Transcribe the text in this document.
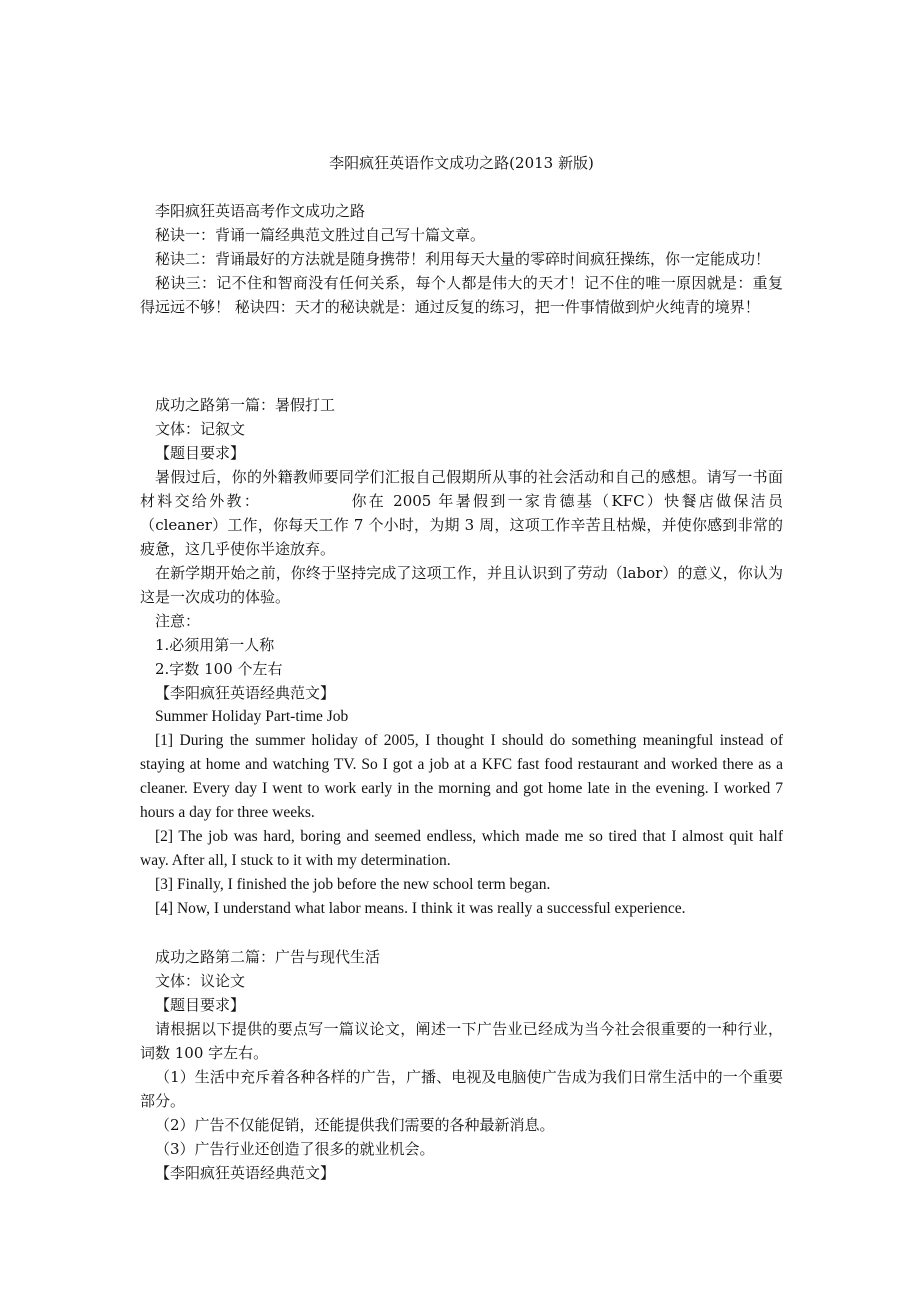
李阳疯狂英语作文成功之路(2013 新版)

李阳疯狂英语高考作文成功之路

秘诀一：背诵一篇经典范文胜过自己写十篇文章。

秘诀二：背诵最好的方法就是随身携带！利用每天大量的零碎时间疯狂操练，你一定能成功！

秘诀三：记不住和智商没有任何关系，每个人都是伟大的天才！记不住的唯一原因就是：重复得远远不够！ 秘诀四：天才的秘诀就是：通过反复的练习，把一件事情做到炉火纯青的境界！

成功之路第一篇：暑假打工

文体：记叙文

【题目要求】

暑假过后，你的外籍教师要同学们汇报自己假期所从事的社会活动和自己的感想。请写一书面材料交给外教：	你在 2005 年暑假到一家肯德基（KFC）快餐店做保洁员（cleaner）工作，你每天工作 7 个小时，为期 3 周，这项工作辛苦且枯燥，并使你感到非常的疲惫，这几乎使你半途放弃。

在新学期开始之前，你终于坚持完成了这项工作，并且认识到了劳动（labor）的意义，你认为这是一次成功的体验。

注意：

1.必须用第一人称

2.字数 100 个左右

【李阳疯狂英语经典范文】

Summer Holiday Part-time Job

[1] During the summer holiday of 2005, I thought I should do something meaningful instead of staying at home and watching TV. So I got a job at a KFC fast food restaurant and worked there as a cleaner. Every day I went to work early in the morning and got home late in the evening. I worked 7 hours a day for three weeks.

[2] The job was hard, boring and seemed endless, which made me so tired that I almost quit half way. After all, I stuck to it with my determination.

[3] Finally, I finished the job before the new school term began.

[4] Now, I understand what labor means. I think it was really a successful experience.

成功之路第二篇：广告与现代生活

文体：议论文

【题目要求】

请根据以下提供的要点写一篇议论文，阐述一下广告业已经成为当今社会很重要的一种行业，词数 100 字左右。

（1）生活中充斥着各种各样的广告，广播、电视及电脑使广告成为我们日常生活中的一个重要部分。

（2）广告不仅能促销，还能提供我们需要的各种最新消息。

（3）广告行业还创造了很多的就业机会。

【李阳疯狂英语经典范文】
